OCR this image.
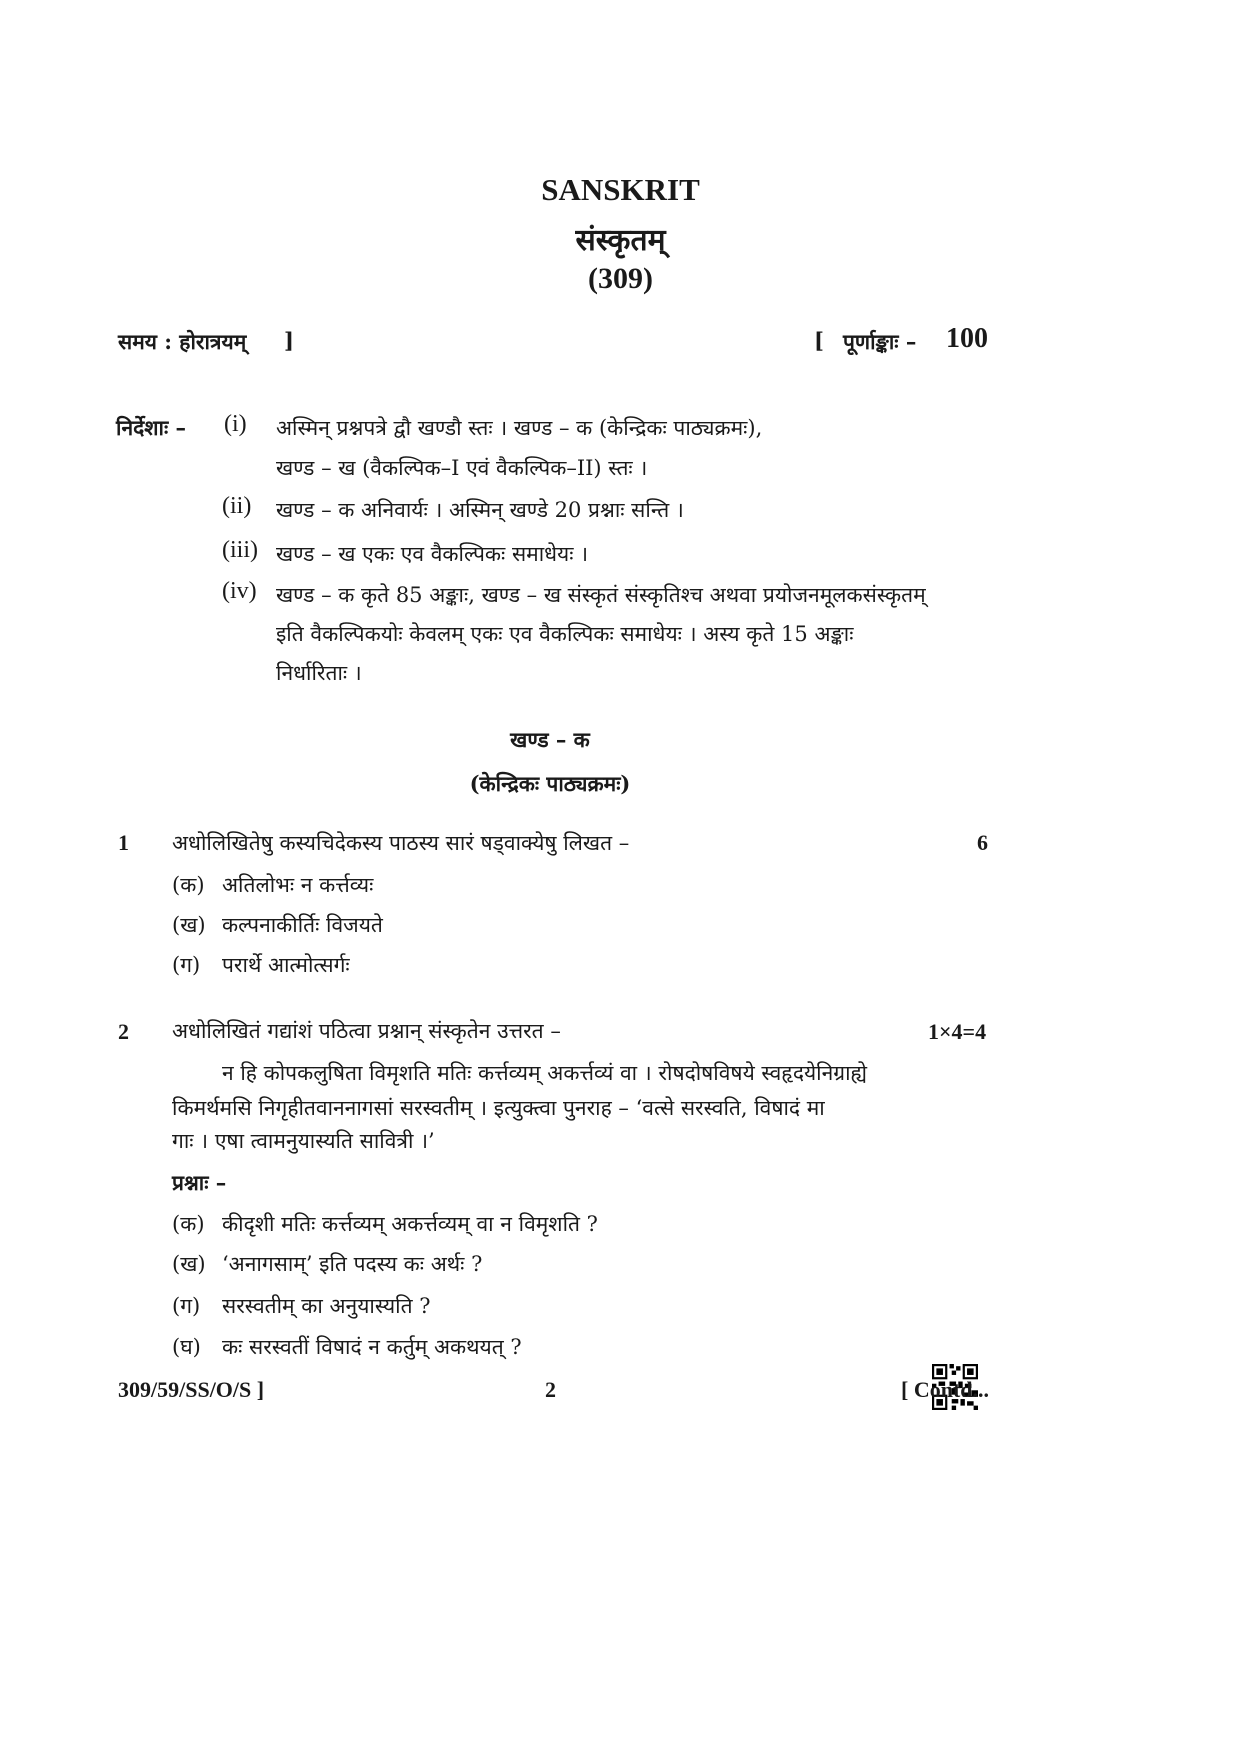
SANSKRIT
संस्कृतम्
(309)
समय : होरात्रयम् ]	[ पूर्णाङ्काः – 100
निर्देशाः – (i) अस्मिन् प्रश्नपत्रे द्वौ खण्डौ स्तः । खण्ड – क (केन्द्रिकः पाठ्यक्रमः),
खण्ड – ख (वैकल्पिक–I एवं वैकल्पिक–II) स्तः ।
(ii) खण्ड – क अनिवार्यः । अस्मिन् खण्डे 20 प्रश्नाः सन्ति ।
(iii) खण्ड – ख एकः एव वैकल्पिकः समाधेयः ।
(iv) खण्ड – क कृते 85 अङ्काः, खण्ड – ख संस्कृतं संस्कृतिश्च अथवा प्रयोजनमूलकसंस्कृतम्
इति वैकल्पिकयोः केवलम् एकः एव वैकल्पिकः समाधेयः । अस्य कृते 15 अङ्काः
निर्धारिताः ।
खण्ड – क
(केन्द्रिकः पाठ्यक्रमः)
1 अधोलिखितेषु कस्यचिदेकस्य पाठस्य सारं षड्वाक्येषु लिखत –	6
(क) अतिलोभः न कर्त्तव्यः
(ख) कल्पनाकीर्तिः विजयते
(ग) परार्थे आत्मोत्सर्गः
2 अधोलिखितं गद्यांशं पठित्वा प्रश्नान् संस्कृतेन उत्तरत –	1×4=4
न हि कोपकलुषिता विमृशति मतिः कर्त्तव्यम् अकर्त्तव्यं वा । रोषदोषविषये स्वहृदयेनिग्राह्ये
किमर्थमसि निगृहीतवाननागसां सरस्वतीम् । इत्युक्त्वा पुनराह – ‘वत्से सरस्वति, विषादं मा
गाः । एषा त्वामनुयास्यति सावित्री ।’
प्रश्नाः –
(क) कीदृशी मतिः कर्त्तव्यम् अकर्त्तव्यम् वा न विमृशति ?
(ख) ‘अनागसाम्’ इति पदस्य कः अर्थः ?
(ग) सरस्वतीम् का अनुयास्यति ?
(घ) कः सरस्वतीं विषादं न कर्तुम् अकथयत् ?
309/59/SS/O/S ]	2	[ Contd...
